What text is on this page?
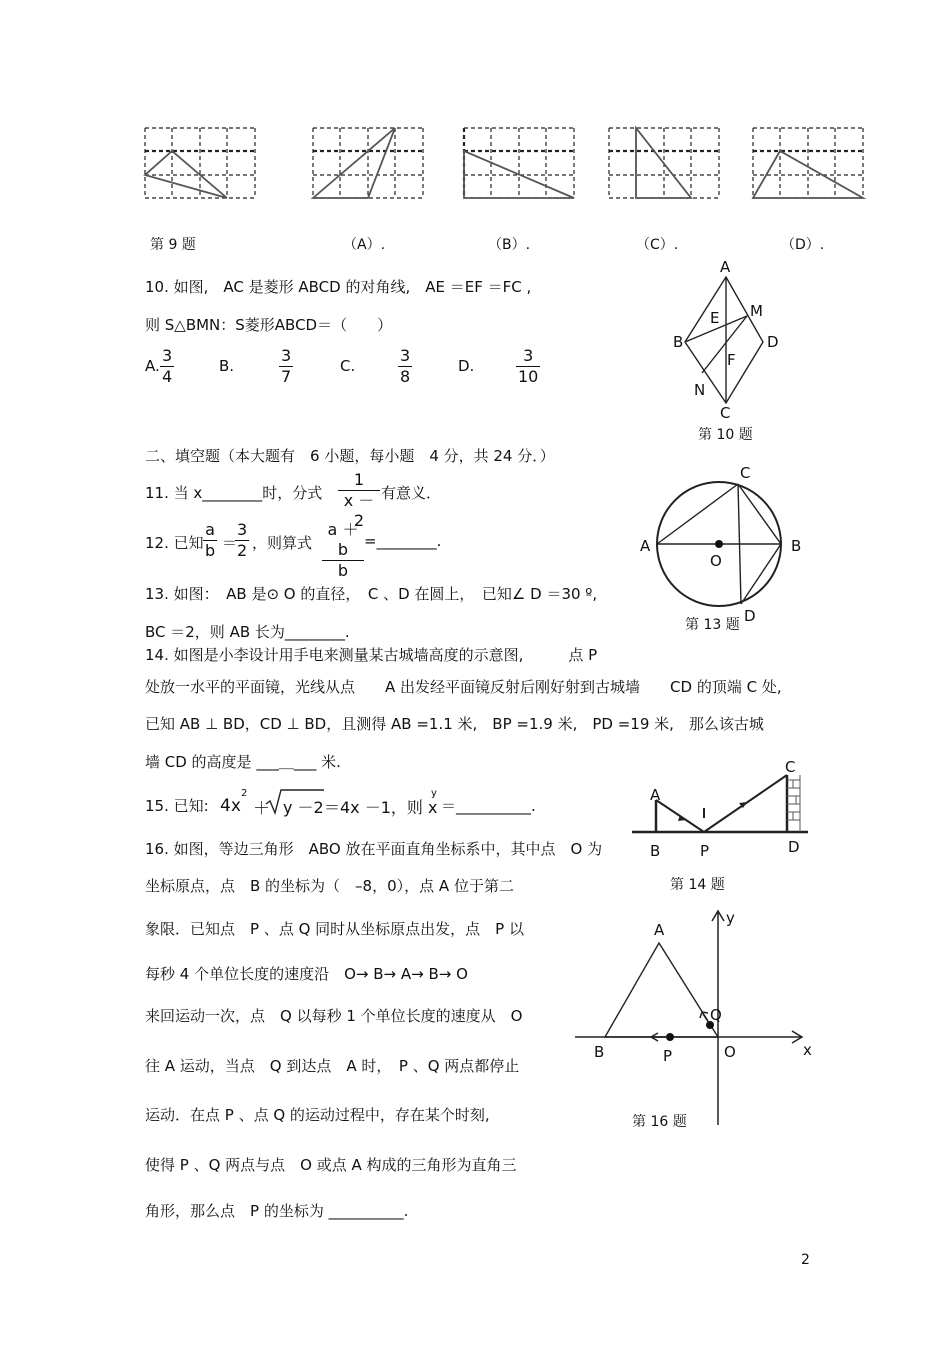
第 9 题	（A）.	（B）.	（C）.	（D）.
10. 如图,　AC 是菱形 ABCD 的对角线,　AE ＝EF ＝FC ,
则 S△BMN：S菱形ABCD＝（　　）
A. $\frac{3}{4}$	B.	$\frac{3}{7}$	C.	$\frac{3}{8}$	D.	$\frac{3}{10}$
A
M
E
B	D
F
N
C
第 10 题
二、填空题（本大题有　6 小题，每小题　4 分，共 24 分．）
11. 当 x________时，分式 $\frac{1}{x -2}$ 有意义．
12. 已知 $\frac{a}{b}$ ＝
$\frac{3}{2}$ ，则算式 $\frac{a +b}{b}$ =________.
13. 如图：　AB 是⊙ O 的直径，　C 、D 在圆上，　已知∠ D ＝30 º,
BC ＝2，则 AB 长为________.
C
A
O
B
D
第 13 题
14. 如图是小李设计用手电来测量某古城墙高度的示意图,　　　点 P
处放一水平的平面镜，光线从点　　A 出发经平面镜反射后刚好射到古城墙　　CD 的顶端 C 处,
已知 AB ⊥ BD，CD ⊥ BD，且测得 AB =1.1 米,　BP =1.9 米,　PD =19 米,　那么该古城
墙 CD 的高度是 ___＿___ 米.
A
C
B	P	D
第 14 题
15. 已知: 4x
2
＋ y －2 ＝4x －1，则 x
y
＝__________.
16. 如图，等边三角形　ABO 放在平面直角坐标系中，其中点　O 为
坐标原点，点　B 的坐标为（　–8，0），点 A 位于第二
象限．已知点　P 、点 Q 同时从坐标原点出发，点　P 以
每秒 4 个单位长度的速度沿　O→ B→ A→ B→ O
来回运动一次，点　Q 以每秒 1 个单位长度的速度从　O
往 A 运动，当点　Q 到达点　A 时，　P 、Q 两点都停止
运动．在点 P 、点 Q 的运动过程中，存在某个时刻,
使得 P 、Q 两点与点　O 或点 A 构成的三角形为直角三
角形，那么点　P 的坐标为 __________.
y
A
Q
B	P	O	x
第 16 题
2
